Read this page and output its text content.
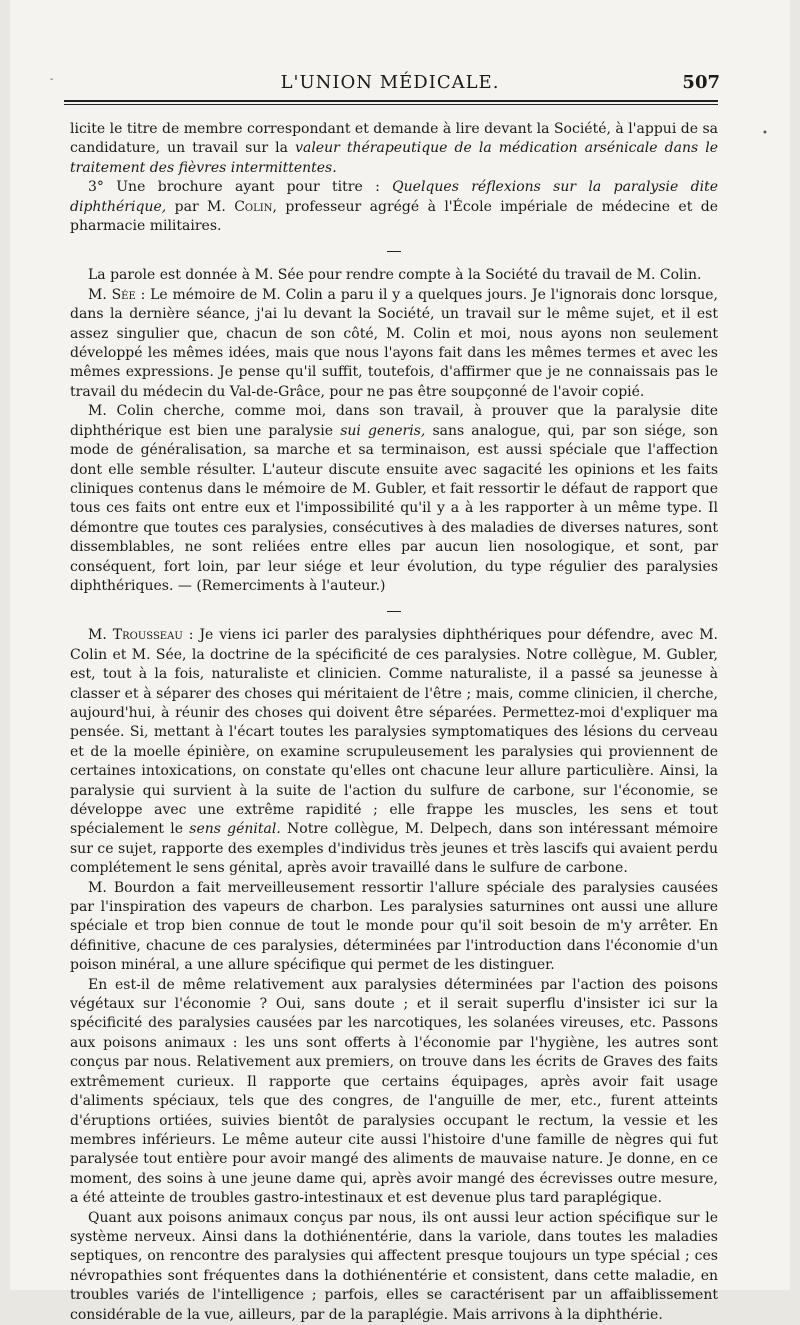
-
•
L'UNION MÉDICALE.	507

licite le titre de membre correspondant et demande à lire devant la Société, à l'appui de sa candidature, un travail sur la valeur thérapeutique de la médication arsénicale dans le traitement des fièvres intermittentes.

3° Une brochure ayant pour titre : Quelques réflexions sur la paralysie dite diphthérique, par M. Colin, professeur agrégé à l'École impériale de médecine et de pharmacie militaires.

La parole est donnée à M. Sée pour rendre compte à la Société du travail de M. Colin.

M. Sée : Le mémoire de M. Colin a paru il y a quelques jours. Je l'ignorais donc lorsque, dans la dernière séance, j'ai lu devant la Société, un travail sur le même sujet, et il est assez singulier que, chacun de son côté, M. Colin et moi, nous ayons non seulement développé les mêmes idées, mais que nous l'ayons fait dans les mêmes termes et avec les mêmes expressions. Je pense qu'il suffit, toutefois, d'affirmer que je ne connaissais pas le travail du médecin du Val-de-Grâce, pour ne pas être soupçonné de l'avoir copié.

M. Colin cherche, comme moi, dans son travail, à prouver que la paralysie dite diphthérique est bien une paralysie sui generis, sans analogue, qui, par son siége, son mode de généralisation, sa marche et sa terminaison, est aussi spéciale que l'affection dont elle semble résulter. L'auteur discute ensuite avec sagacité les opinions et les faits cliniques contenus dans le mémoire de M. Gubler, et fait ressortir le défaut de rapport que tous ces faits ont entre eux et l'impossibilité qu'il y a à les rapporter à un même type. Il démontre que toutes ces paralysies, consécutives à des maladies de diverses natures, sont dissemblables, ne sont reliées entre elles par aucun lien nosologique, et sont, par conséquent, fort loin, par leur siége et leur évolution, du type régulier des paralysies diphthériques. — (Remerciments à l'auteur.)

M. Trousseau : Je viens ici parler des paralysies diphthériques pour défendre, avec M. Colin et M. Sée, la doctrine de la spécificité de ces paralysies. Notre collègue, M. Gubler, est, tout à la fois, naturaliste et clinicien. Comme naturaliste, il a passé sa jeunesse à classer et à séparer des choses qui méritaient de l'être ; mais, comme clinicien, il cherche, aujourd'hui, à réunir des choses qui doivent être séparées. Permettez-moi d'expliquer ma pensée. Si, mettant à l'écart toutes les paralysies symptomatiques des lésions du cerveau et de la moelle épinière, on examine scrupuleusement les paralysies qui proviennent de certaines intoxications, on constate qu'elles ont chacune leur allure particulière. Ainsi, la paralysie qui survient à la suite de l'action du sulfure de carbone, sur l'économie, se développe avec une extrême rapidité ; elle frappe les muscles, les sens et tout spécialement le sens génital. Notre collègue, M. Delpech, dans son intéressant mémoire sur ce sujet, rapporte des exemples d'individus très jeunes et très lascifs qui avaient perdu complétement le sens génital, après avoir travaillé dans le sulfure de carbone.

M. Bourdon a fait merveilleusement ressortir l'allure spéciale des paralysies causées par l'inspiration des vapeurs de charbon. Les paralysies saturnines ont aussi une allure spéciale et trop bien connue de tout le monde pour qu'il soit besoin de m'y arrêter. En définitive, chacune de ces paralysies, déterminées par l'introduction dans l'économie d'un poison minéral, a une allure spécifique qui permet de les distinguer.

En est-il de même relativement aux paralysies déterminées par l'action des poisons végétaux sur l'économie ? Oui, sans doute ; et il serait superflu d'insister ici sur la spécificité des paralysies causées par les narcotiques, les solanées vireuses, etc. Passons aux poisons animaux : les uns sont offerts à l'économie par l'hygiène, les autres sont conçus par nous. Relativement aux premiers, on trouve dans les écrits de Graves des faits extrêmement curieux. Il rapporte que certains équipages, après avoir fait usage d'aliments spéciaux, tels que des congres, de l'anguille de mer, etc., furent atteints d'éruptions ortiées, suivies bientôt de paralysies occupant le rectum, la vessie et les membres inférieurs. Le même auteur cite aussi l'histoire d'une famille de nègres qui fut paralysée tout entière pour avoir mangé des aliments de mauvaise nature. Je donne, en ce moment, des soins à une jeune dame qui, après avoir mangé des écrevisses outre mesure, a été atteinte de troubles gastro-intestinaux et est devenue plus tard paraplégique.

Quant aux poisons animaux conçus par nous, ils ont aussi leur action spécifique sur le système nerveux. Ainsi dans la dothiénentérie, dans la variole, dans toutes les maladies septiques, on rencontre des paralysies qui affectent presque toujours un type spécial ; ces névropathies sont fréquentes dans la dothiénentérie et consistent, dans cette maladie, en troubles variés de l'intelligence ; parfois, elles se caractérisent par un affaiblissement considérable de la vue, ailleurs, par de la paraplégie. Mais arrivons à la diphthérie.
